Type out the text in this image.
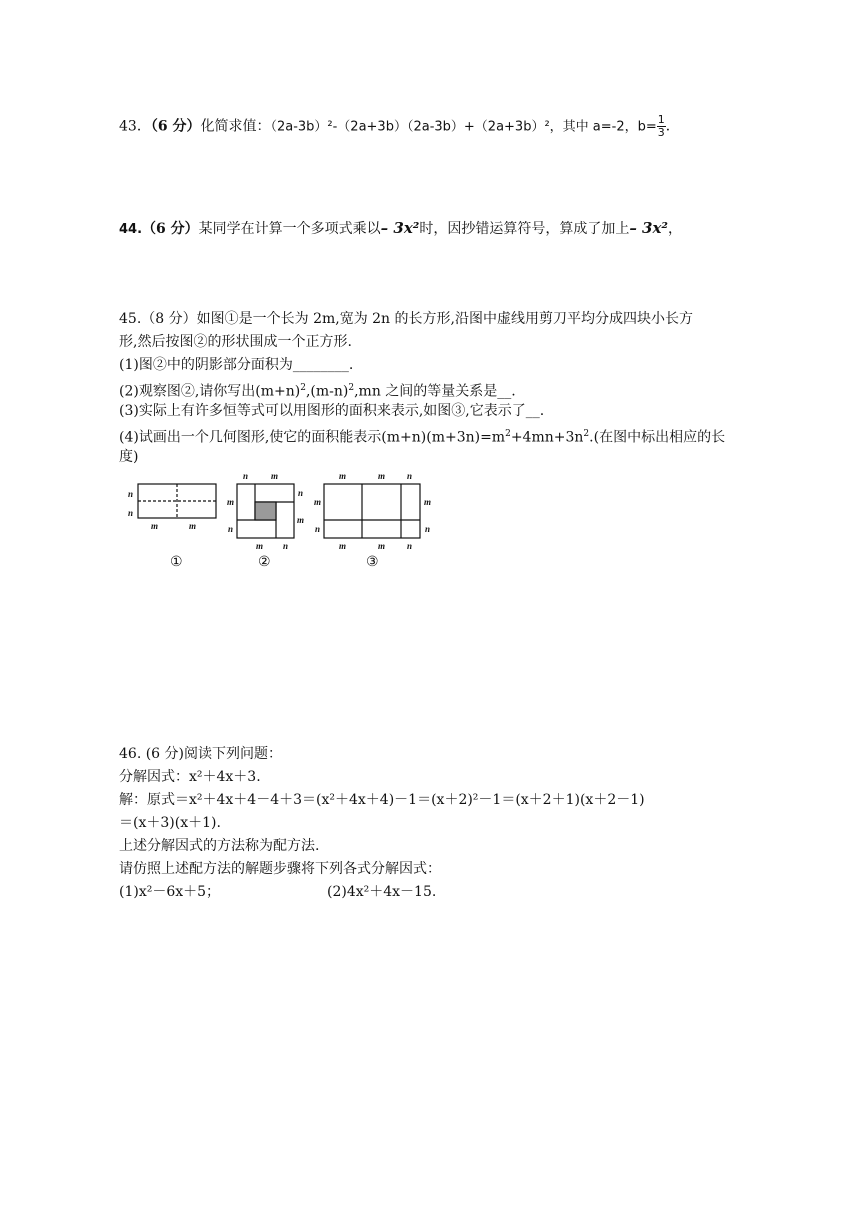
43．（6 分）化简求值：（2a-3b）²-（2a+3b）（2a-3b）+（2a+3b）²，其中 a=-2，$b= \frac{1}{3}$ ．
44.（6 分）某同学在计算一个多项式乘以– 3x²时，因抄错运算符号，算成了加上– 3x²，
45.（8 分）如图①是一个长为 2m,宽为 2n 的长方形,沿图中虚线用剪刀平均分成四块小长方
形,然后按图②的形状围成一个正方形.
(1)图②中的阴影部分面积为________.
(2)观察图②,请你写出$(m+n)^2,(m-n)^2,mn$ 之间的等量关系是__.
(3)实际上有许多恒等式可以用图形的面积来表示,如图③,它表示了__.
(4)试画出一个几何图形,使它的面积能表示$(m+n)(m+3n)=m^2+4mn+3n^2$.(在图中标出相应的长
度)
n
n
m	m
n	m
m
n
n
m
m n
m	m n
m
n
m
n
m	m n
①	②	③
46. (6 分)阅读下列问题：
分解因式：x²＋4x＋3.
解：原式＝x²＋4x＋4－4＋3＝(x²＋4x＋4)－1＝(x＋2)²－1＝(x＋2＋1)(x＋2－1)
＝(x＋3)(x＋1).
上述分解因式的方法称为配方法.
请仿照上述配方法的解题步骤将下列各式分解因式：
(1)x²－6x＋5；	(2)4x²＋4x－15.
